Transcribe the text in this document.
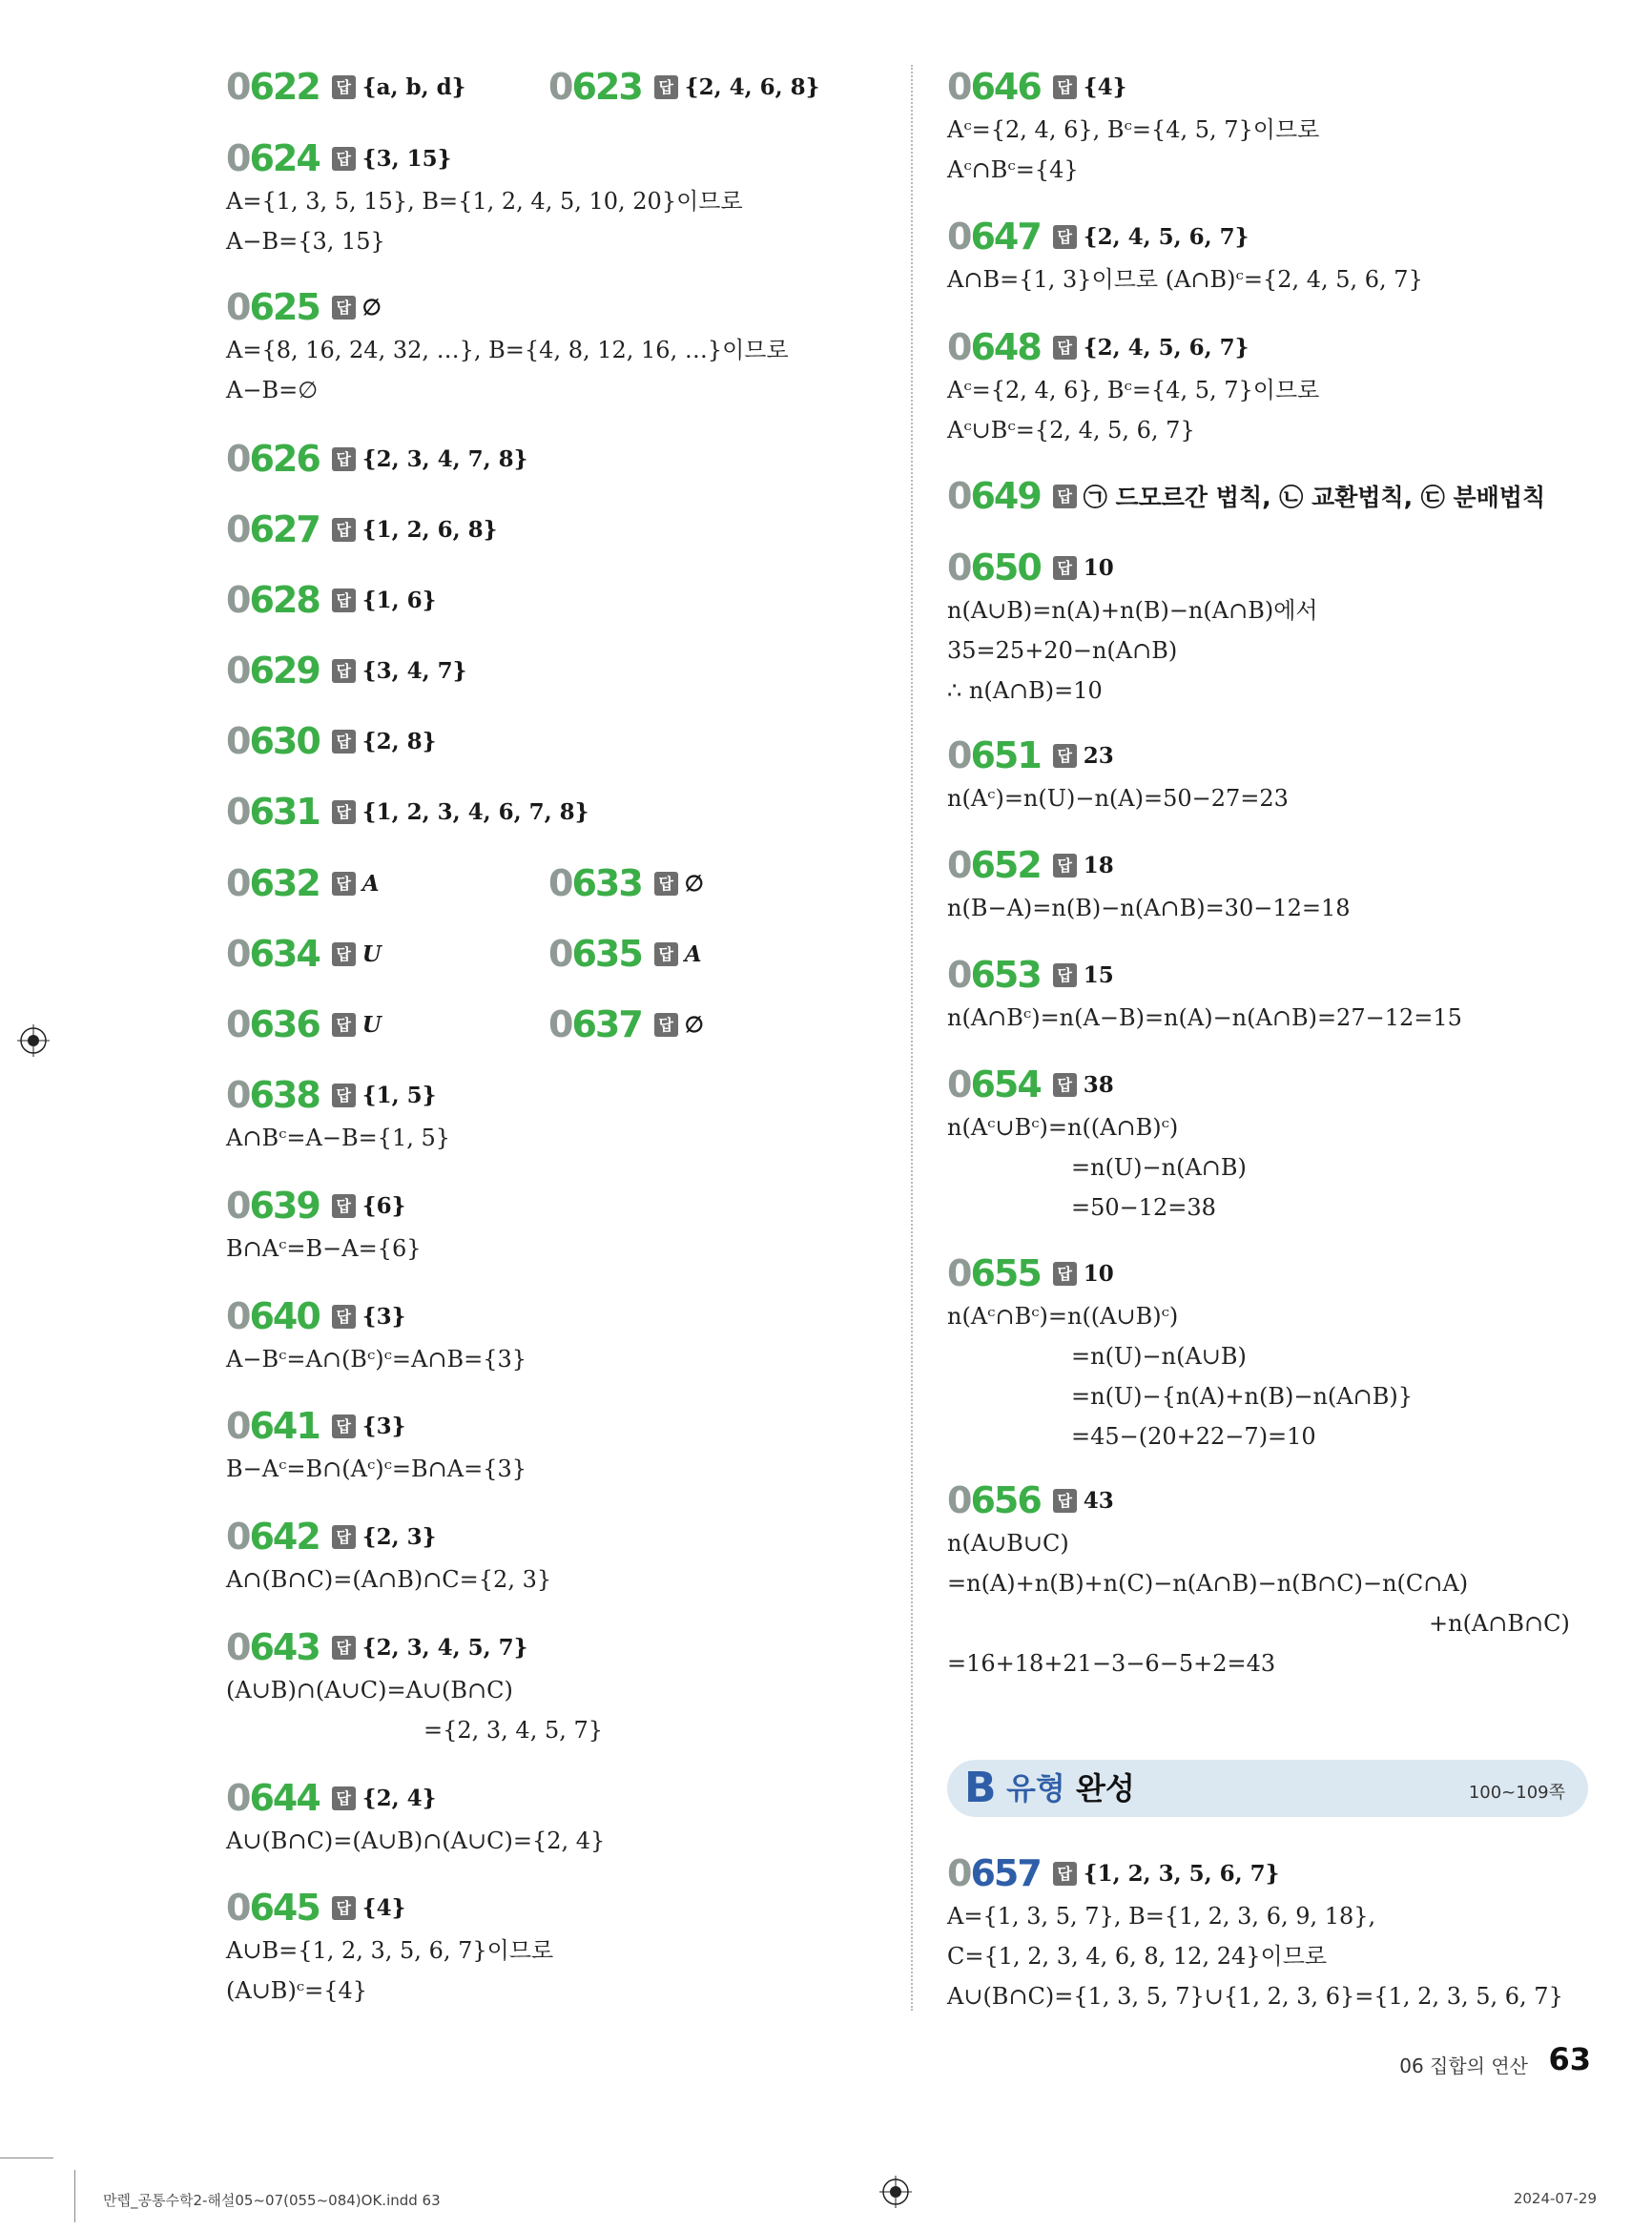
0622 답 {a, b, d}
0624 답 {3, 15}
A={1, 3, 5, 15}, B={1, 2, 4, 5, 10, 20}이므로
A−B={3, 15}
0625 답 ∅
A={8, 16, 24, 32, …}, B={4, 8, 12, 16, …}이므로
A−B=∅
0626 답 {2, 3, 4, 7, 8}
0627 답 {1, 2, 6, 8}
0628 답 {1, 6}
0629 답 {3, 4, 7}
0630 답 {2, 8}
0631 답 {1, 2, 3, 4, 6, 7, 8}
0632 답 A
0634 답 U
0636 답 U
0638 답 {1, 5}
A∩Bᶜ=A−B={1, 5}
0639 답 {6}
B∩Aᶜ=B−A={6}
0640 답 {3}
A−Bᶜ=A∩(Bᶜ)ᶜ=A∩B={3}
0641 답 {3}
B−Aᶜ=B∩(Aᶜ)ᶜ=B∩A={3}
0642 답 {2, 3}
A∩(B∩C)=(A∩B)∩C={2, 3}
0643 답 {2, 3, 4, 5, 7}
(A∪B)∩(A∪C)=A∪(B∩C)
={2, 3, 4, 5, 7}
0644 답 {2, 4}
A∪(B∩C)=(A∪B)∩(A∪C)={2, 4}
0645 답 {4}
A∪B={1, 2, 3, 5, 6, 7}이므로
(A∪B)ᶜ={4}
0623 답 {2, 4, 6, 8}
0633 답 ∅
0635 답 A
0637 답 ∅
0646 답 {4}
Aᶜ={2, 4, 6}, Bᶜ={4, 5, 7}이므로
Aᶜ∩Bᶜ={4}
0647 답 {2, 4, 5, 6, 7}
A∩B={1, 3}이므로 (A∩B)ᶜ={2, 4, 5, 6, 7}
0648 답 {2, 4, 5, 6, 7}
Aᶜ={2, 4, 6}, Bᶜ={4, 5, 7}이므로
Aᶜ∪Bᶜ={2, 4, 5, 6, 7}
0649 답 ㉠ 드모르간 법칙, ㉡ 교환법칙, ㉢ 분배법칙
0650 답 10
n(A∪B)=n(A)+n(B)−n(A∩B)에서
35=25+20−n(A∩B)
∴ n(A∩B)=10
0651 답 23
n(Aᶜ)=n(U)−n(A)=50−27=23
0652 답 18
n(B−A)=n(B)−n(A∩B)=30−12=18
0653 답 15
n(A∩Bᶜ)=n(A−B)=n(A)−n(A∩B)=27−12=15
0654 답 38
n(Aᶜ∪Bᶜ)=n((A∩B)ᶜ)
=n(U)−n(A∩B)
=50−12=38
0655 답 10
n(Aᶜ∩Bᶜ)=n((A∪B)ᶜ)
=n(U)−n(A∪B)
=n(U)−{n(A)+n(B)−n(A∩B)}
=45−(20+22−7)=10
0656 답 43
n(A∪B∪C)
=n(A)+n(B)+n(C)−n(A∩B)−n(B∩C)−n(C∩A)
+n(A∩B∩C)
=16+18+21−3−6−5+2=43
0657 답 {1, 2, 3, 5, 6, 7}
A={1, 3, 5, 7}, B={1, 2, 3, 6, 9, 18},
C={1, 2, 3, 4, 6, 8, 12, 24}이므로
A∪(B∩C)={1, 3, 5, 7}∪{1, 2, 3, 6}={1, 2, 3, 5, 6, 7}
B 유형 완성	100~109쪽
06 집합의 연산 63
만렙_공통수학2-해설05~07(055~084)OK.indd 63	2024-07-29
